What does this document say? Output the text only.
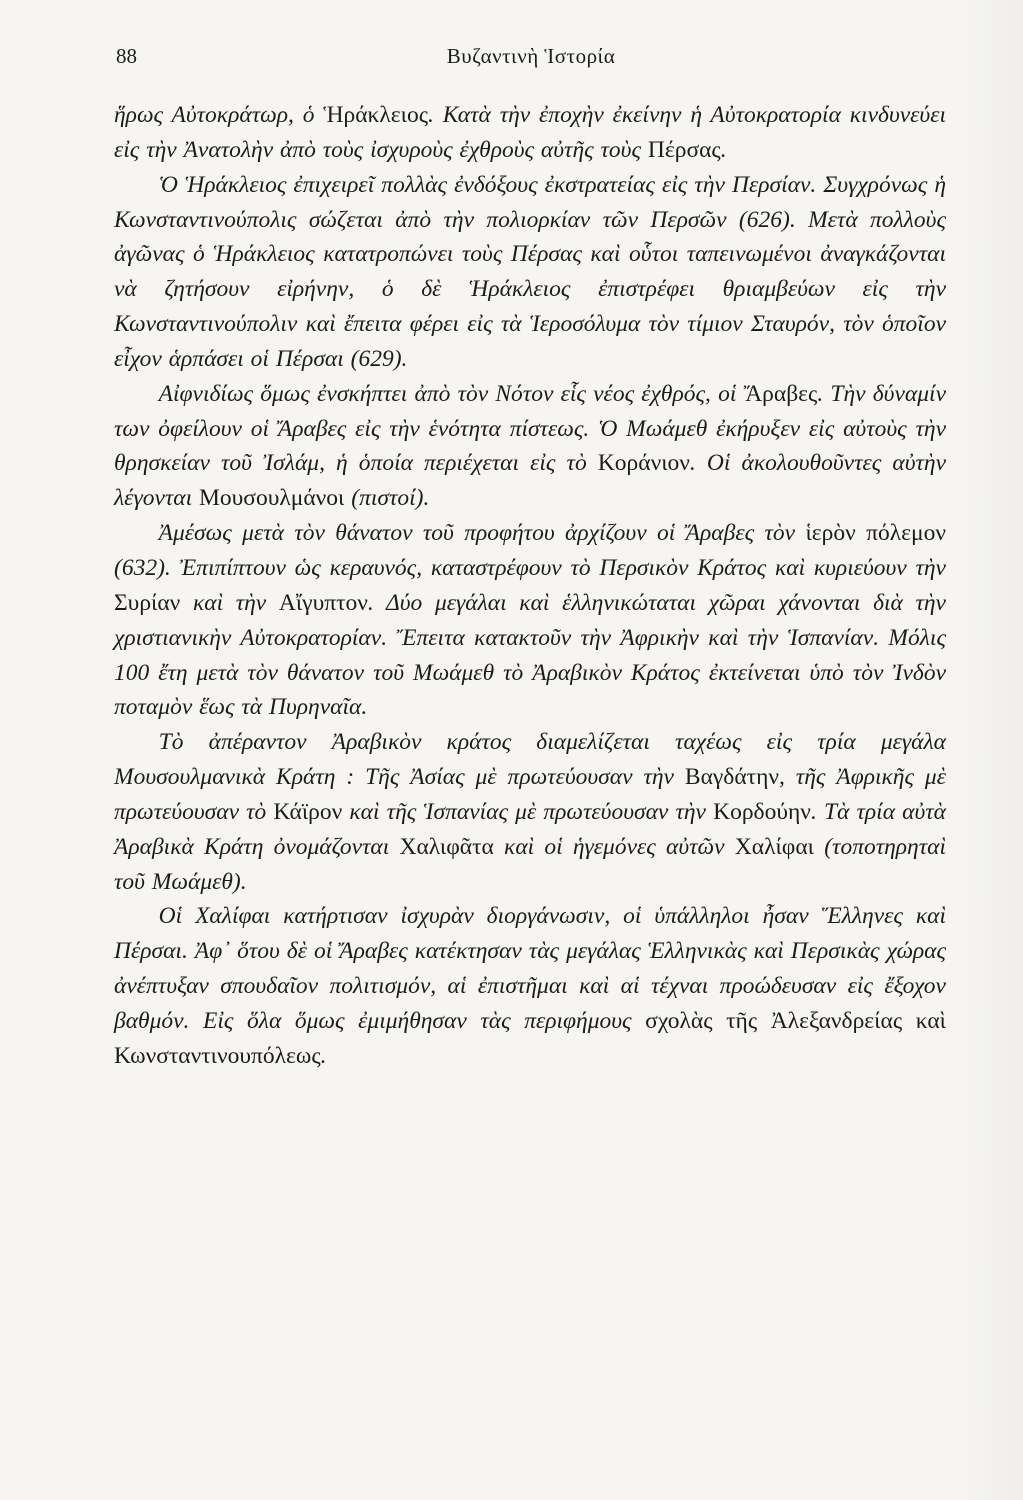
88	Βυζαντινὴ Ἱστορία

ἥρως Αὐτοκράτωρ, ὁ Ἡράκλειος. Κατὰ τὴν ἐποχὴν ἐκείνην ἡ Αὐτοκρατορία κινδυνεύει εἰς τὴν Ἀνατολὴν ἀπὸ τοὺς ἰσχυροὺς ἐχθροὺς αὐτῆς τοὺς Πέρσας.

Ὁ Ἡράκλειος ἐπιχειρεῖ πολλὰς ἐνδόξους ἐκστρατείας εἰς τὴν Περσίαν. Συγχρόνως ἡ Κωνσταντινούπολις σώζεται ἀπὸ τὴν πολιορκίαν τῶν Περσῶν (626). Μετὰ πολλοὺς ἀγῶνας ὁ Ἡράκλειος κατατροπώνει τοὺς Πέρσας καὶ οὗτοι ταπεινωμένοι ἀναγκάζονται νὰ ζητήσουν εἰρήνην, ὁ δὲ Ἡράκλειος ἐπιστρέφει θριαμβεύων εἰς τὴν Κωνσταντινούπολιν καὶ ἔπειτα φέρει εἰς τὰ Ἱεροσόλυμα τὸν τίμιον Σταυρόν, τὸν ὁποῖον εἶχον ἁρπάσει οἱ Πέρσαι (629).

Αἰφνιδίως ὅμως ἐνσκήπτει ἀπὸ τὸν Νότον εἷς νέος ἐχθρός, οἱ Ἄραβες. Τὴν δύναμίν των ὀφείλουν οἱ Ἄραβες εἰς τὴν ἑνότητα πίστεως. Ὁ Μωάμεθ ἐκήρυξεν εἰς αὐτοὺς τὴν θρησκείαν τοῦ Ἰσλάμ, ἡ ὁποία περιέχεται εἰς τὸ Κοράνιον. Οἱ ἀκολουθοῦντες αὐτὴν λέγονται Μουσουλμάνοι (πιστοί).

Ἀμέσως μετὰ τὸν θάνατον τοῦ προφήτου ἀρχίζουν οἱ Ἄραβες τὸν ἱερὸν πόλεμον (632). Ἐπιπίπτουν ὡς κεραυνός, καταστρέφουν τὸ Περσικὸν Κράτος καὶ κυριεύουν τὴν Συρίαν καὶ τὴν Αἴγυπτον. Δύο μεγάλαι καὶ ἑλληνικώταται χῶραι χάνονται διὰ τὴν χριστιανικὴν Αὐτοκρατορίαν. Ἔπειτα κατακτοῦν τὴν Ἀφρικὴν καὶ τὴν Ἱσπανίαν. Μόλις 100 ἔτη μετὰ τὸν θάνατον τοῦ Μωάμεθ τὸ Ἀραβικὸν Κράτος ἐκτείνεται ὑπὸ τὸν Ἰνδὸν ποταμὸν ἕως τὰ Πυρηναῖα.

Τὸ ἀπέραντον Ἀραβικὸν κράτος διαμελίζεται ταχέως εἰς τρία μεγάλα Μουσουλμανικὰ Κράτη : Τῆς Ἀσίας μὲ πρωτεύουσαν τὴν Βαγδάτην, τῆς Ἀφρικῆς μὲ πρωτεύουσαν τὸ Κάϊρον καὶ τῆς Ἱσπανίας μὲ πρωτεύουσαν τὴν Κορδούην. Τὰ τρία αὐτὰ Ἀραβικὰ Κράτη ὀνομάζονται Χαλιφᾶτα καὶ οἱ ἡγεμόνες αὐτῶν Χαλίφαι (τοποτηρηταὶ τοῦ Μωάμεθ).

Οἱ Χαλίφαι κατήρτισαν ἰσχυρὰν διοργάνωσιν, οἱ ὑπάλληλοι ἦσαν Ἕλληνες καὶ Πέρσαι. Ἀφ᾽ ὅτου δὲ οἱ Ἄραβες κατέκτησαν τὰς μεγάλας Ἑλληνικὰς καὶ Περσικὰς χώρας ἀνέπτυξαν σπουδαῖον πολιτισμόν, αἱ ἐπιστῆμαι καὶ αἱ τέχναι προώδευσαν εἰς ἔξοχον βαθμόν. Εἰς ὅλα ὅμως ἐμιμήθησαν τὰς περιφήμους σχολὰς τῆς Ἀλεξανδρείας καὶ Κωνσταντινουπόλεως.
